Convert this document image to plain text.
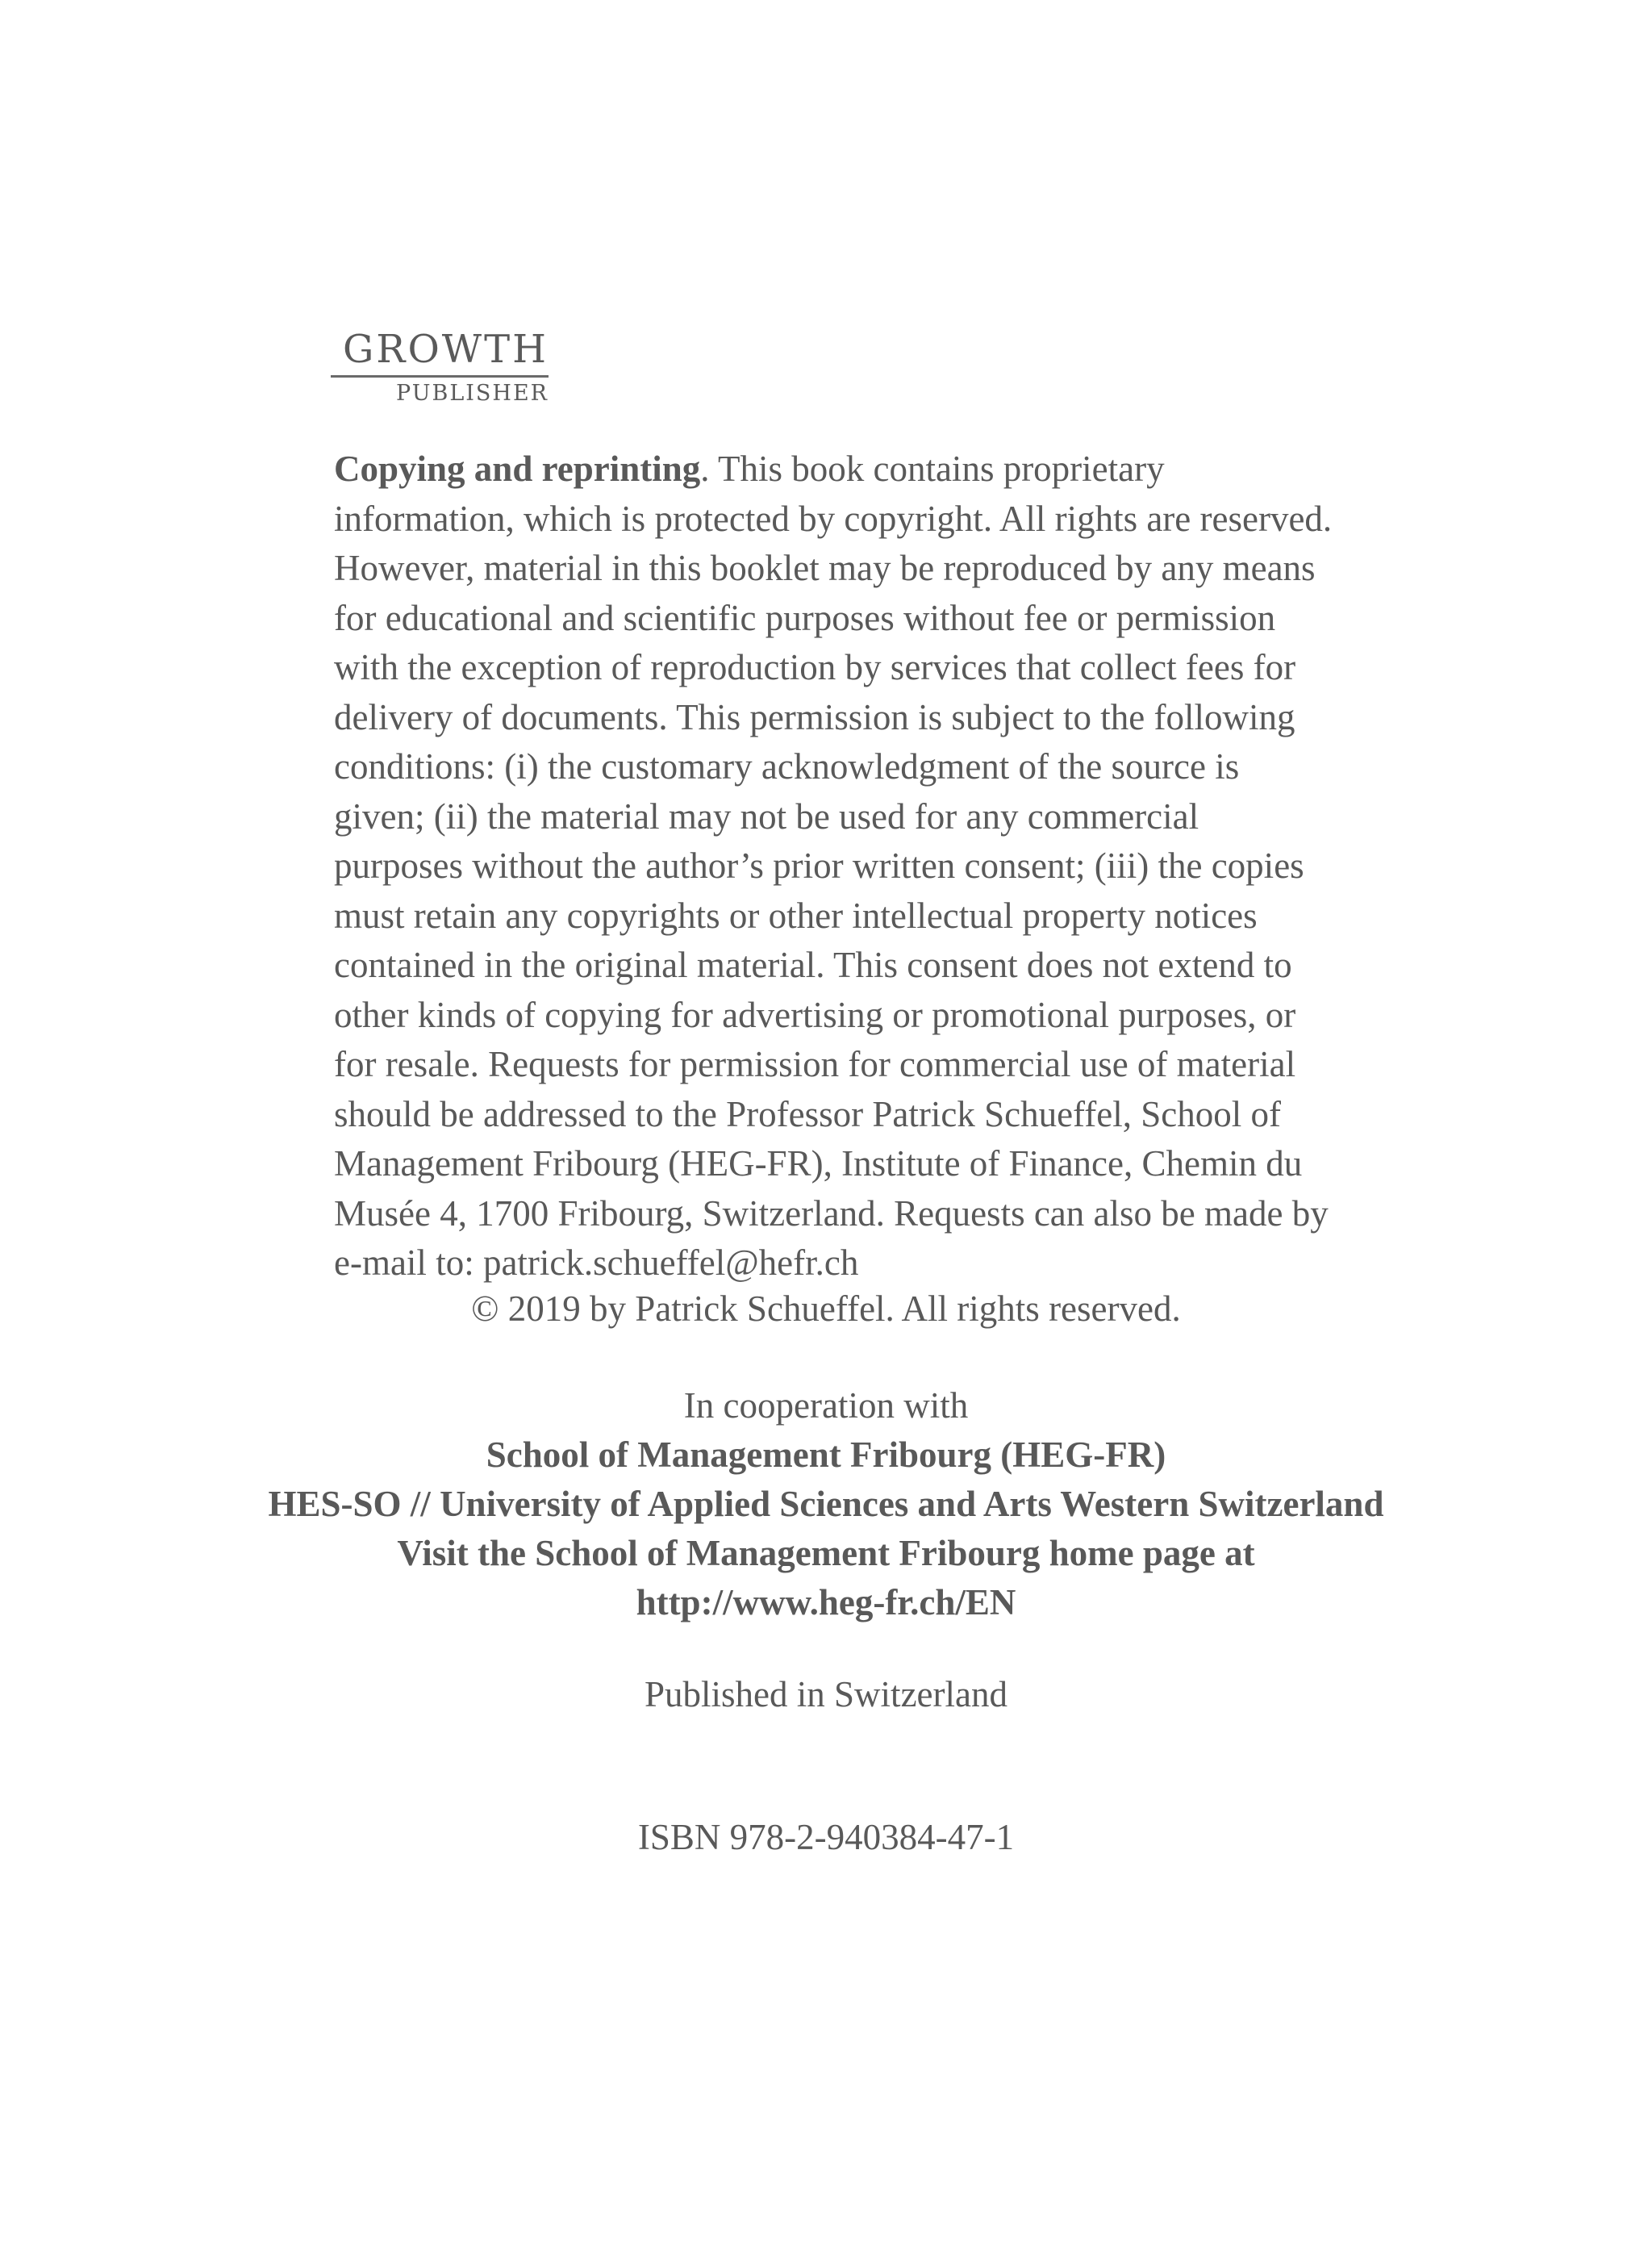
GROWTH
PUBLISHER

Copying and reprinting. This book contains proprietary information, which is protected by copyright. All rights are reserved. However, material in this booklet may be reproduced by any means for educational and scientific purposes without fee or permission with the exception of reproduction by services that collect fees for delivery of documents. This permission is subject to the following conditions: (i) the customary acknowledgment of the source is given; (ii) the material may not be used for any commercial purposes without the author’s prior written consent; (iii) the copies must retain any copyrights or other intellectual property notices contained in the original material. This consent does not extend to other kinds of copying for advertising or promotional purposes, or for resale. Requests for permission for commercial use of material should be addressed to the Professor Patrick Schueffel, School of Management Fribourg (HEG-FR), Institute of Finance, Chemin du Musée 4, 1700 Fribourg, Switzerland. Requests can also be made by e-mail to: patrick.schueffel@hefr.ch

© 2019 by Patrick Schueffel. All rights reserved.

In cooperation with
School of Management Fribourg (HEG-FR)
HES-SO // University of Applied Sciences and Arts Western Switzerland
Visit the School of Management Fribourg home page at
http://www.heg-fr.ch/EN

Published in Switzerland

ISBN 978-2-940384-47-1
